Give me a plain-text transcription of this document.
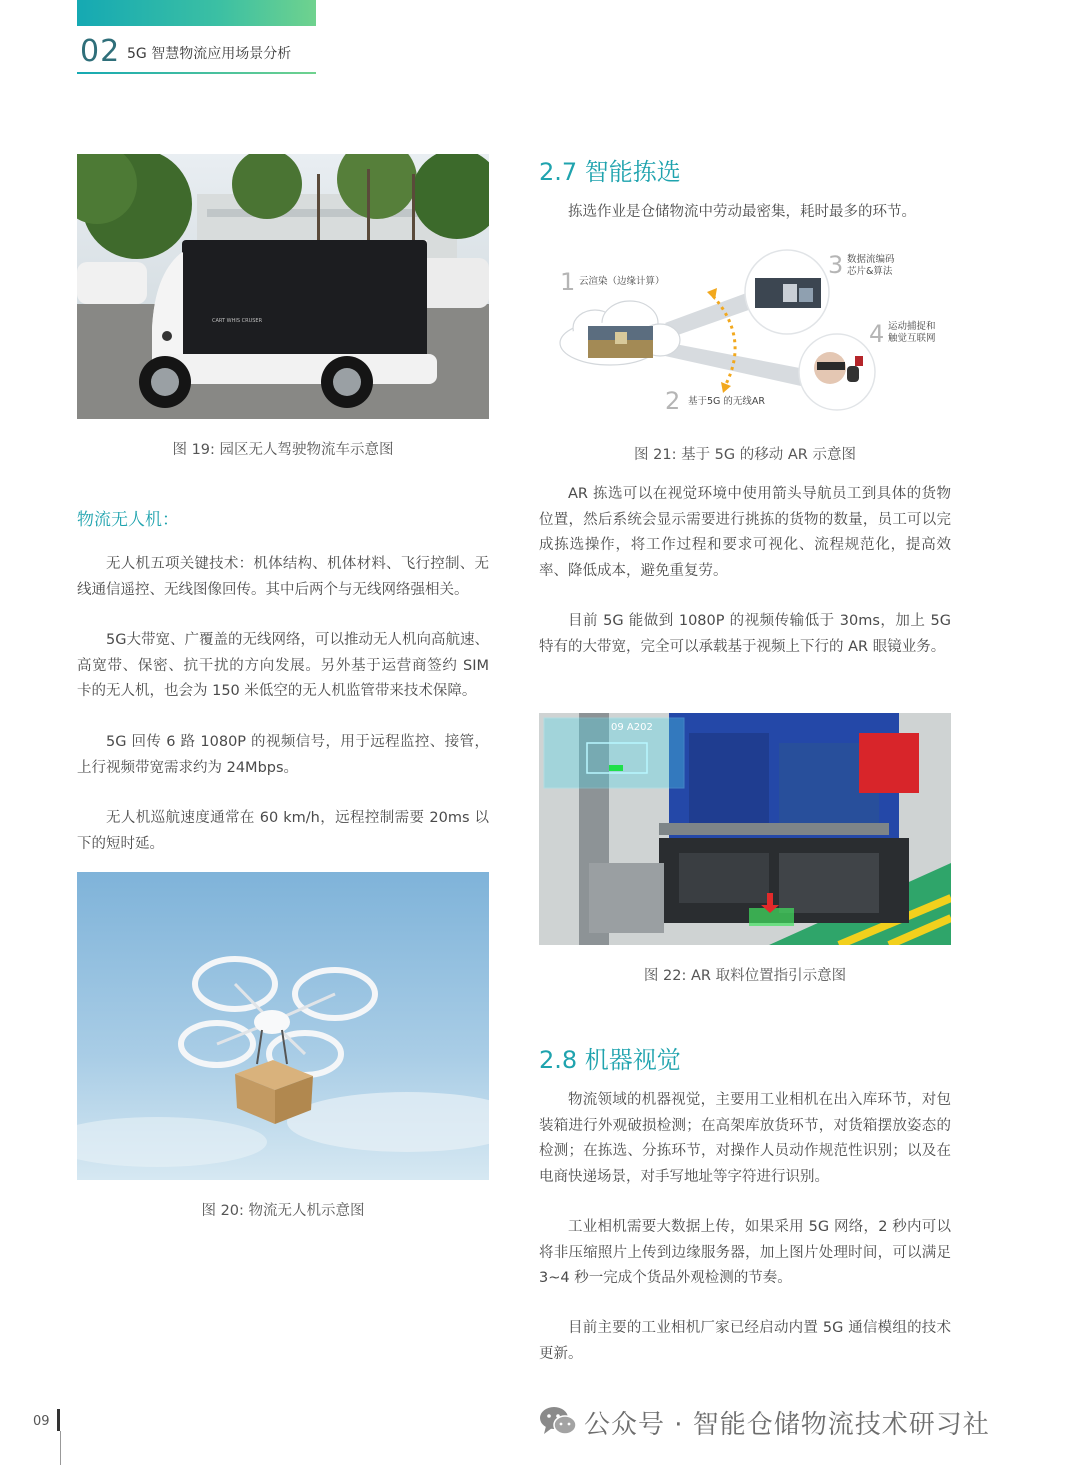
02 5G 智慧物流应用场景分析
CART WHIS CRUSER
图 19: 园区无人驾驶物流车示意图
物流无人机：

无人机五项关键技术：机体结构、机体材料、飞行控制、无线通信遥控、无线图像回传。其中后两个与无线网络强相关。

5G大带宽、广覆盖的无线网络，可以推动无人机向高航速、高宽带、保密、抗干扰的方向发展。另外基于运营商签约 SIM 卡的无人机，也会为 150 米低空的无人机监管带来技术保障。

5G 回传 6 路 1080P 的视频信号，用于远程监控、接管，上行视频带宽需求约为 24Mbps。

无人机巡航速度通常在 60 km/h，远程控制需要 20ms 以下的短时延。

图 20: 物流无人机示意图
2.7 智能拣选

拣选作业是仓储物流中劳动最密集，耗时最多的环节。

1 云渲染（边缘计算）
2 基于5G 的无线AR
3 数据流编码
芯片&算法
4 运动捕捉和
触觉互联网
图 21: 基于 5G 的移动 AR 示意图

AR 拣选可以在视觉环境中使用箭头导航员工到具体的货物位置，然后系统会显示需要进行挑拣的货物的数量，员工可以完成拣选操作，将工作过程和要求可视化、流程规范化，提高效率、降低成本，避免重复劳。

目前 5G 能做到 1080P 的视频传输低于 30ms，加上 5G 特有的大带宽，完全可以承载基于视频上下行的 AR 眼镜业务。

09 A202
图 22: AR 取料位置指引示意图
2.8 机器视觉

物流领域的机器视觉，主要用工业相机在出入库环节，对包装箱进行外观破损检测；在高架库放货环节，对货箱摆放姿态的检测；在拣选、分拣环节，对操作人员动作规范性识别；以及在电商快递场景，对手写地址等字符进行识别。

工业相机需要大数据上传，如果采用 5G 网络，2 秒内可以将非压缩照片上传到边缘服务器，加上图片处理时间，可以满足 3~4 秒一完成个货品外观检测的节奏。

目前主要的工业相机厂家已经启动内置 5G 通信模组的技术更新。

09	公众号 · 智能仓储物流技术研习社
